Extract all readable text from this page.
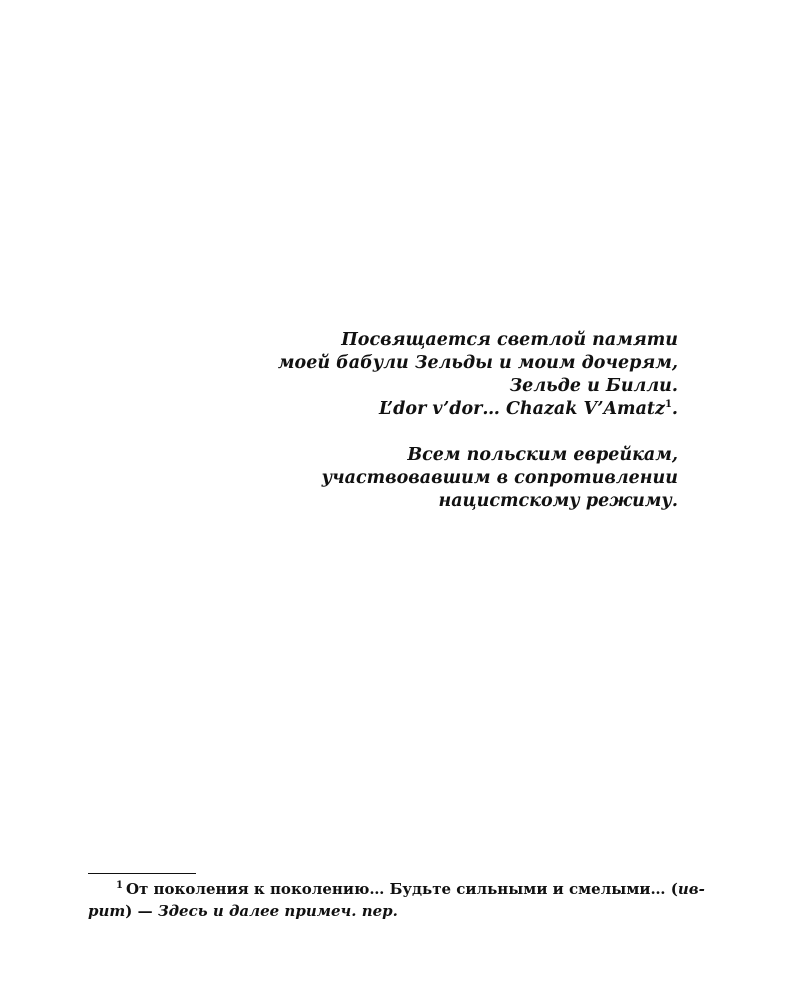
Посвящается светлой памяти
моей бабули Зельды и моим дочерям,
Зельде и Билли.
L’dor v’dor… Chazak V’Amatz$^1$.
Всем польским еврейкам,
участвовавшим в сопротивлении
нацистскому режиму.
$^1$ От поколения к поколению… Будьте сильными и смелыми… (ив-
рит) — Здесь и далее примеч. пер.
